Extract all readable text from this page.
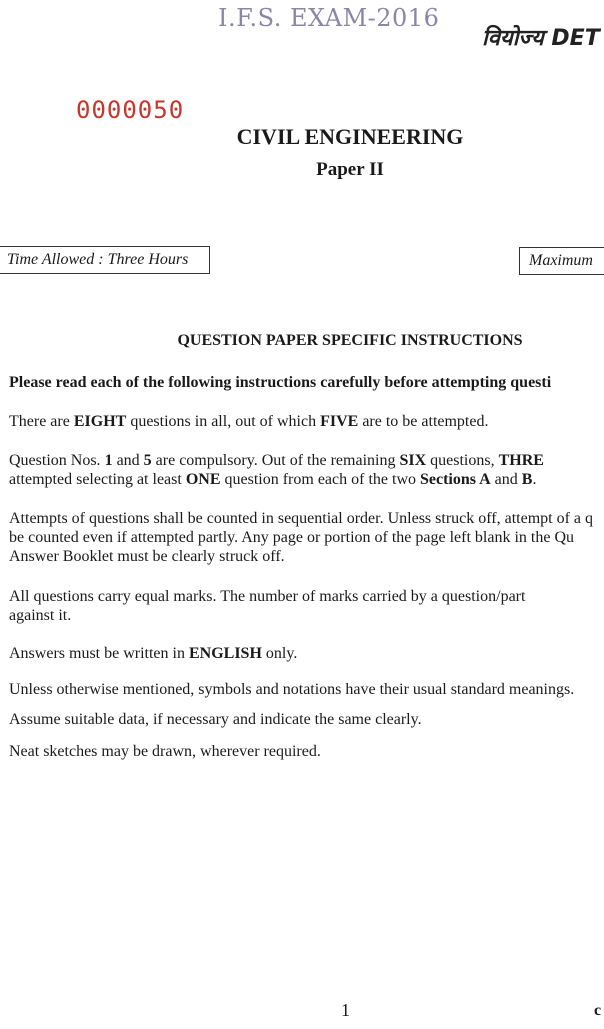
I.F.S. EXAM-2016
वियोज्य DET
0000050
CIVIL ENGINEERING
Paper II
Time Allowed : Three Hours	Maximum
QUESTION PAPER SPECIFIC INSTRUCTIONS
Please read each of the following instructions carefully before attempting questi
There are EIGHT questions in all, out of which FIVE are to be attempted.
Question Nos. 1 and 5 are compulsory. Out of the remaining SIX questions, THRE
attempted selecting at least ONE question from each of the two Sections A and B.
Attempts of questions shall be counted in sequential order. Unless struck off, attempt of a q
be counted even if attempted partly. Any page or portion of the page left blank in the Qu
Answer Booklet must be clearly struck off.
All questions carry equal marks. The number of marks carried by a question/part
against it.
Answers must be written in ENGLISH only.
Unless otherwise mentioned, symbols and notations have their usual standard meanings.
Assume suitable data, if necessary and indicate the same clearly.
Neat sketches may be drawn, wherever required.
1	c
